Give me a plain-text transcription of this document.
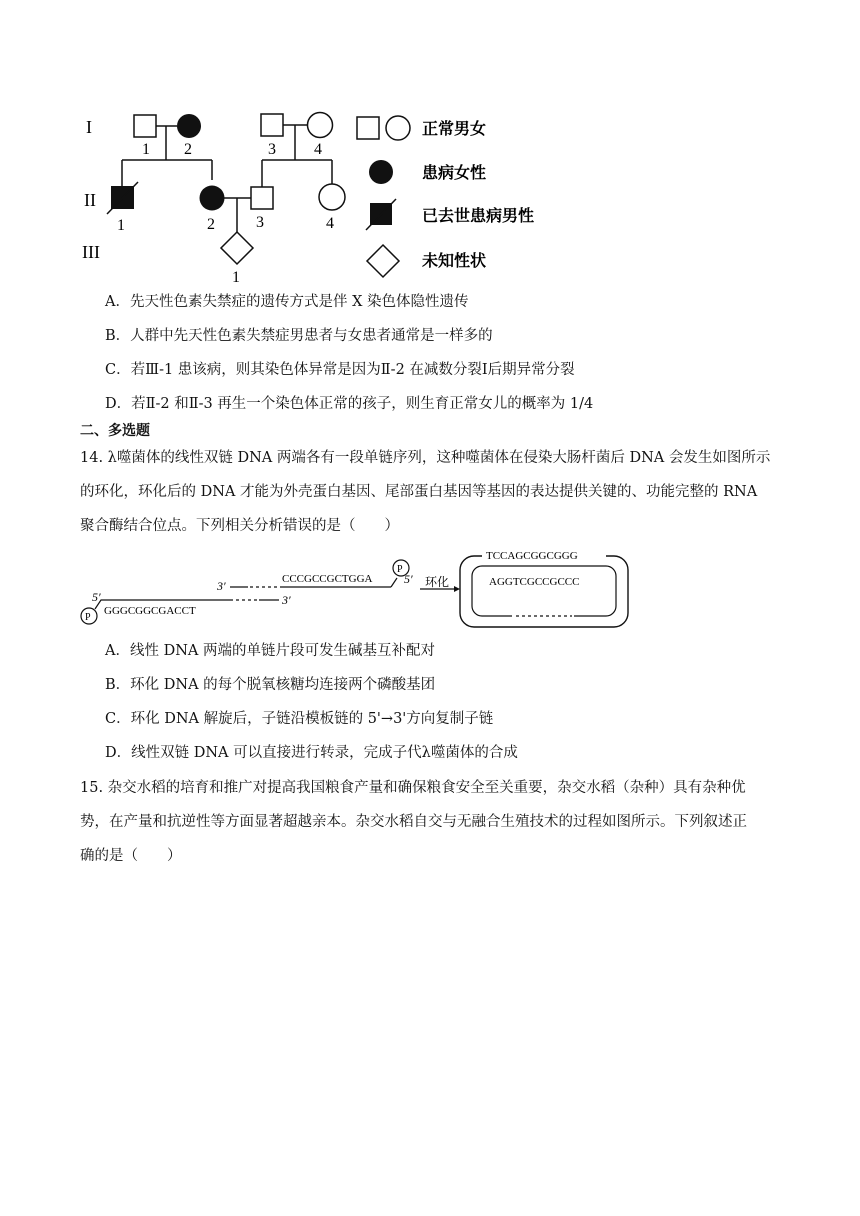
I
II
III
1 2	3 4
1	2	3	4
1
正常男女
患病女性
已去世患病男性
未知性状
A．先天性色素失禁症的遗传方式是伴 X 染色体隐性遗传
B．人群中先天性色素失禁症男患者与女患者通常是一样多的
C．若Ⅲ-1 患该病，则其染色体异常是因为Ⅱ-2 在减数分裂Ⅰ后期异常分裂
D．若Ⅱ-2 和Ⅱ-3 再生一个染色体正常的孩子，则生育正常女儿的概率为 1/4
二、多选题
14. λ噬菌体的线性双链 DNA 两端各有一段单链序列，这种噬菌体在侵染大肠杆菌后 DNA 会发生如图所示
的环化，环化后的 DNA 才能为外壳蛋白基因、尾部蛋白基因等基因的表达提供关键的、功能完整的 RNA
聚合酶结合位点。下列相关分析错误的是（　　）
P
5′	3′
GGGCGGCGACCT
3′	CCCGCCGCTGGA
P
5′ 环化
TCCAGCGGCGGG
AGGTCGCCGCCC
A．线性 DNA 两端的单链片段可发生碱基互补配对
B．环化 DNA 的每个脱氧核糖均连接两个磷酸基团
C．环化 DNA 解旋后，子链沿模板链的 5'→3'方向复制子链
D．线性双链 DNA 可以直接进行转录，完成子代λ噬菌体的合成
15. 杂交水稻的培育和推广对提高我国粮食产量和确保粮食安全至关重要，杂交水稻（杂种）具有杂种优
势，在产量和抗逆性等方面显著超越亲本。杂交水稻自交与无融合生殖技术的过程如图所示。下列叙述正
确的是（　　）
